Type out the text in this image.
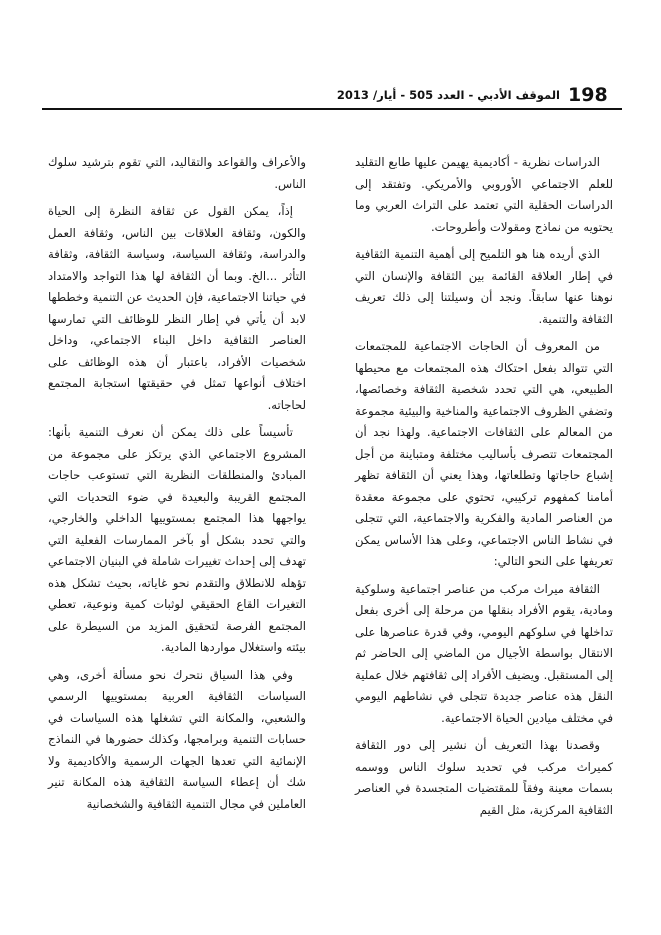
198
الموقف الأدبي - العدد 505 - أيار/ 2013

الدراسات نظرية - أكاديمية يهيمن عليها طابع التقليد للعلم الاجتماعي الأوروبي والأمريكي. وتفتقد إلى الدراسات الحقلية التي تعتمد على التراث العربي وما يحتويه من نماذج ومقولات وأطروحات.

الذي أريده هنا هو التلميح إلى أهمية التنمية الثقافية في إطار العلاقة القائمة بين الثقافة والإنسان التي نوهنا عنها سابقاً. ونجد أن وسيلتنا إلى ذلك تعريف الثقافة والتنمية.

من المعروف أن الحاجات الاجتماعية للمجتمعات التي تتوالد بفعل احتكاك هذه المجتمعات مع محيطها الطبيعي، هي التي تحدد شخصية الثقافة وخصائصها، وتضفي الظروف الاجتماعية والمناخية والبيئية مجموعة من المعالم على الثقافات الاجتماعية. ولهذا نجد أن المجتمعات تتصرف بأساليب مختلفة ومتباينة من أجل إشباع حاجاتها وتطلعاتها، وهذا يعني أن الثقافة تظهر أمامنا كمفهوم تركيبي، تحتوي على مجموعة معقدة من العناصر المادية والفكرية والاجتماعية، التي تتجلى في نشاط الناس الاجتماعي، وعلى هذا الأساس يمكن تعريفها على النحو التالي:

الثقافة ميراث مركب من عناصر اجتماعية وسلوكية ومادية، يقوم الأفراد بنقلها من مرحلة إلى أخرى بفعل تداخلها في سلوكهم اليومي، وفي قدرة عناصرها على الانتقال بواسطة الأجيال من الماضي إلى الحاضر ثم إلى المستقبل. ويضيف الأفراد إلى ثقافتهم خلال عملية النقل هذه عناصر جديدة تتجلى في نشاطهم اليومي في مختلف ميادين الحياة الاجتماعية.

وقصدنا بهذا التعريف أن نشير إلى دور الثقافة كميراث مركب في تحديد سلوك الناس ووسمه بسمات معينة وفقاً للمقتضيات المتجسدة في العناصر الثقافية المركزية، مثل القيم

والأعراف والقواعد والتقاليد، التي تقوم بترشيد سلوك الناس.

إذاً، يمكن القول عن ثقافة النظرة إلى الحياة والكون، وثقافة العلاقات بين الناس، وثقافة العمل والدراسة، وثقافة السياسة، وسياسة الثقافة، وثقافة التأثر ...الخ. وبما أن الثقافة لها هذا التواجد والامتداد في حياتنا الاجتماعية، فإن الحديث عن التنمية وخططها لابد أن يأتي في إطار النظر للوظائف التي تمارسها العناصر الثقافية داخل البناء الاجتماعي، وداخل شخصيات الأفراد، باعتبار أن هذه الوظائف على اختلاف أنواعها تمثل في حقيقتها استجابة المجتمع لحاجاته.

تأسيساً على ذلك يمكن أن نعرف التنمية بأنها: المشروع الاجتماعي الذي يرتكز على مجموعة من المبادئ والمنطلقات النظرية التي تستوعب حاجات المجتمع القريبة والبعيدة في ضوء التحديات التي يواجهها هذا المجتمع بمستوييها الداخلي والخارجي، والتي تحدد بشكل أو بآخر الممارسات الفعلية التي تهدف إلى إحداث تغييرات شاملة في البنيان الاجتماعي تؤهله للانطلاق والتقدم نحو غاياته، بحيث تشكل هذه التغيرات القاع الحقيقي لوثبات كمية ونوعية، تعطي المجتمع الفرصة لتحقيق المزيد من السيطرة على بيئته واستغلال مواردها المادية.

وفي هذا السياق نتحرك نحو مسألة أخرى، وهي السياسات الثقافية العربية بمستوييها الرسمي والشعبي، والمكانة التي تشغلها هذه السياسات في حسابات التنمية وبرامجها، وكذلك حضورها في النماذج الإنمائية التي تعدها الجهات الرسمية والأكاديمية ولا شك أن إعطاء السياسة الثقافية هذه المكانة تنير العاملين في مجال التنمية الثقافية والشخصانية
